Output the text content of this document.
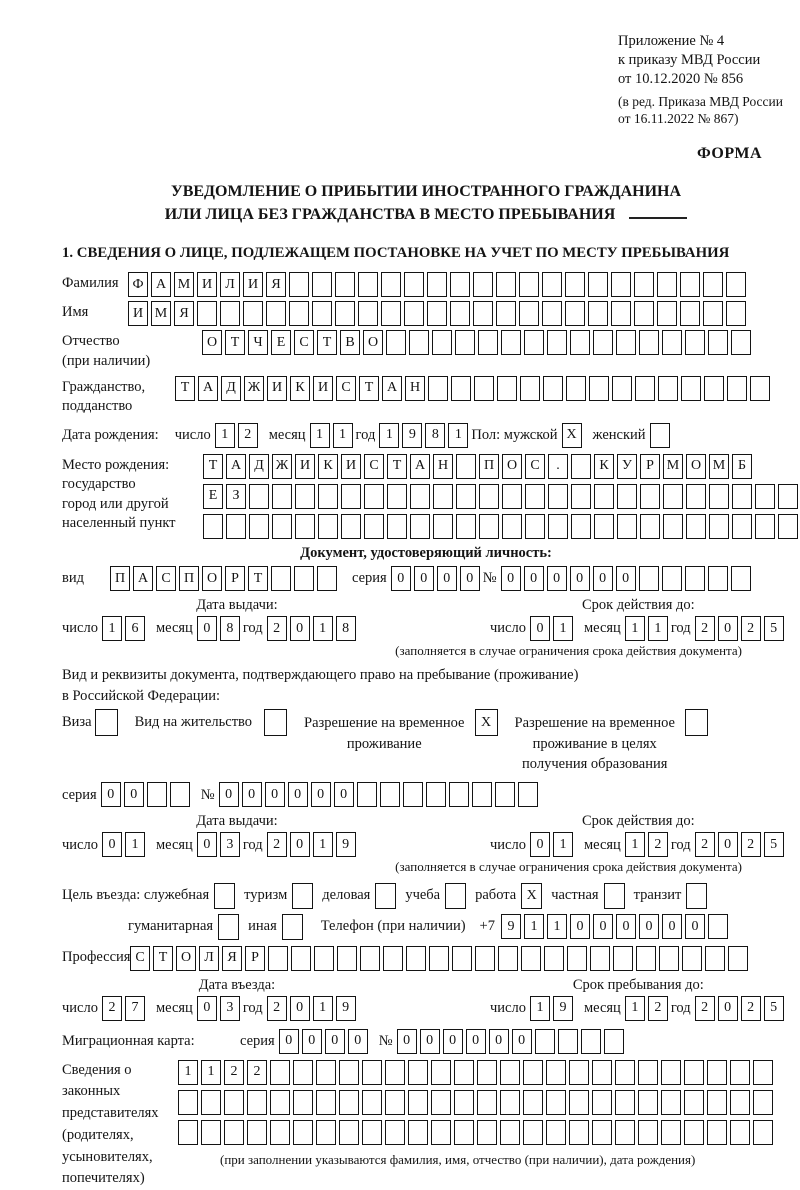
Приложение № 4
к приказу МВД России
от 10.12.2020 № 856
(в ред. Приказа МВД России
от 16.11.2022 № 867)
ФОРМА
УВЕДОМЛЕНИЕ О ПРИБЫТИИ ИНОСТРАННОГО ГРАЖДАНИНА
ИЛИ ЛИЦА БЕЗ ГРАЖДАНСТВА В МЕСТО ПРЕБЫВАНИЯ
1. СВЕДЕНИЯ О ЛИЦЕ, ПОДЛЕЖАЩЕМ ПОСТАНОВКЕ НА УЧЕТ ПО МЕСТУ ПРЕБЫВАНИЯ
Фамилия Ф А М И Л И Я
Имя	И М Я
Отчество
(при наличии)
О Т	Ч	Е	С	Т	В О
Гражданство,
подданство
Т А Д Ж И К И С	Т А Н
Дата рождения: число 1	2	месяц 1	1 год 1	9	8	1 Пол: мужской X	женский
Место рождения:
государство
город или другой
населенный пункт
Т А Д Ж И К И С	Т А Н	П О С	.	К У	Р М О М Б
Е	З
Документ, удостоверяющий личность:
вид	П А С П О	Р	Т	серия 0	0	0	0 № 0	0	0	0	0	0
Дата выдачи:
число 1	6	месяц 0	8 год 2	0	1	8
Срок действия до:
число 0	1	месяц 1	1 год 2	0	2	5
(заполняется в случае ограничения срока действия документа)
Вид и реквизиты документа, подтверждающего право на пребывание (проживание)
в Российской Федерации:
Виза	Вид на жительство	Разрешение на временное
проживание
X	Разрешение на временное
проживание в целях
получения образования
серия 0	0	№ 0	0	0	0	0	0
Дата выдачи:
число 0	1	месяц 0	3 год 2	0	1	9
Срок действия до:
число 0	1	месяц 1	2 год 2	0	2	5
(заполняется в случае ограничения срока действия документа)
Цель въезда: служебная туризм деловая учеба работа X частная транзит
гуманитарная иная	Телефон (при наличии) +7 9	1	1	0	0	0	0	0	0
Профессия С	Т О Л Я	Р
Дата въезда:
число 2	7	месяц 0	3 год 2	0	1	9
Срок пребывания до:
число 1	9	месяц 1	2 год 2	0	2	5
Миграционная карта:	серия 0	0	0	0	№ 0	0	0	0	0	0
Сведения о
законных
представителях
(родителях,
усыновителях,
попечителях)
1	1	2	2
(при заполнении указываются фамилия, имя, отчество (при наличии), дата рождения)
